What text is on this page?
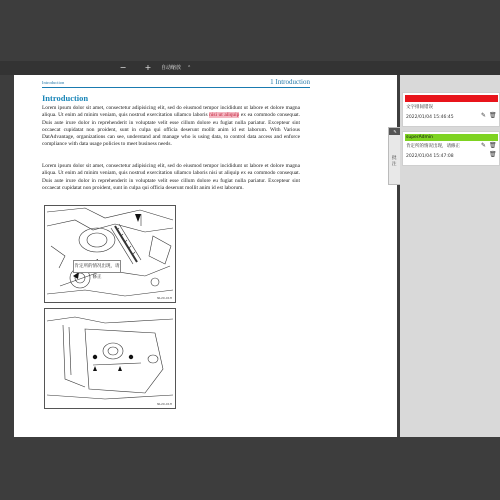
− +	自动缩放 ⌃
Introduction	1 Introduction
Introduction
Lorem ipsum dolor sit amet, consectetur adipisicing elit, sed do eiusmod tempor incididunt ut labore et dolore magna aliqua. Ut enim ad minim veniam, quis nostrud exercitation ullamco laboris nisi ut aliquip ex ea commodo consequat. Duis aute irure dolor in reprehenderit in voluptate velit esse cillum dolore eu fugiat nulla pariatur. Excepteur sint occaecat cupidatat non proident, sunt in culpa qui officia deserunt mollit anim id est laborum. With Various DatAdvantage, organizations can see, understand and manage who is using data, to control data access and enforce compliance with data usage policies to meet business needs.
Lorem ipsum dolor sit amet, consectetur adipisicing elit, sed do eiusmod tempor incididunt ut labore et dolore magna aliqua. Ut enim ad minim veniam, quis nostrud exercitation ullamco laboris nisi ut aliquip ex ea commodo consequat. Duis aute irure dolor in reprehenderit in voluptate velit esse cillum dolore eu fugiat nulla pariatur. Excepteur sint occaecat cupidatat non proident, sunt in culpa qui officia deserunt mollit anim id est laborum.
NL20-01H
肯定所的情况出现，请修正
NL20-01H
✎
批注
文字排间错误
2022/01/04 15:46:45	✎ 🗑
superAdmin
肯定所的情况出现，请修正
2022/01/04 15:47:08
✎ 🗑
🗑
